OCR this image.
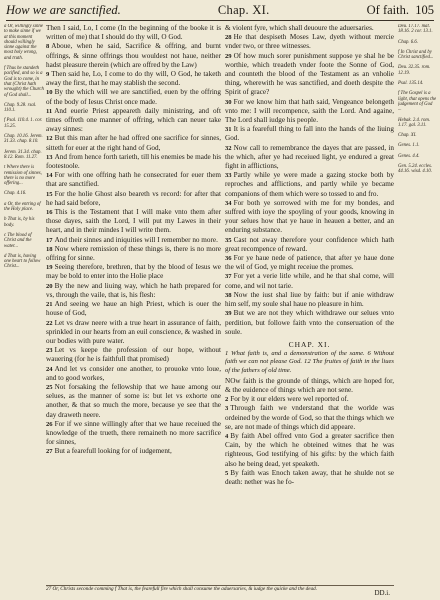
How we are sanctified.	Chap. XI.	Of faith. 105
a Or, willingly sinne to make sinne if we at this moment should willingly sinne against the most holy wrong, and truth.
f Thus he standeth pacified, and so is a God is to come, in that (Christ hath wrought) the Church of God shall...
Chap. 9.28. rsal. 110.1.
f Psal. 110.4. 1. cor. 15.25.
Chap. 10.16. Jerem. 31.33. chap. 8.10.
Jerem. 31.34. chap. 8.12. Rom. 11.27.
t Where there is remission of sinnes, there is no more offering...
Chap. 4.16.
a Or, the entring of the Holy place.
b That is, by his body.
c The blood of Christ and the water...
d That is, having one heart to follow Christ...

Then I said, Lo, I come (In the beginning of the booke it is written of me) that I should do thy will, O God.

8 Aboue, when he said, Sacrifice & offring, and burnt offrings, & sinne offrings thou wouldest not haue, neither hadst pleasure therein (which are offred by the Law)

9 Then said he, Lo, I come to do thy will, O God, he taketh away the first, that he may stablish the second.

10 By the which will we are sanctified, euen by the offring of the body of Iesus Christ once made.

11 And euerie Priest appeareth daily ministring, and oft times offreth one manner of offring, which can neuer take away sinnes:

12 But this man after he had offred one sacrifice for sinnes, sitteth for euer at the right hand of God,

13 And from hence forth tarieth, till his enemies be made his footestoole.

14 For with one offring hath he consecrated for euer them that are sanctified.

15 For the holie Ghost also beareth vs record: for after that he had said before,

16 This is the Testament that I will make vnto them after those dayes, saith the Lord, I will put my Lawes in their heart, and in their mindes I will write them.

17 And their sinnes and iniquities will I remember no more.

18 Now where remission of these things is, there is no more offring for sinne.

19 Seeing therefore, brethren, that by the blood of Iesus we may be bold to enter into the Holie place

20 By the new and liuing way, which he hath prepared for vs, through the vaile, that is, his flesh:

21 And seeing we haue an high Priest, which is ouer the house of God,

22 Let vs draw neere with a true heart in assurance of faith, sprinkled in our hearts from an euil conscience, & washed in our bodies with pure water.

23 Let vs keepe the profession of our hope, without wauering (for he is faithfull that promised)

24 And let vs consider one another, to prouoke vnto loue, and to good workes,

25 Not forsaking the fellowship that we haue among our selues, as the manner of some is: but let vs exhorte one another, & that so much the more, because ye see that the day draweth neere.

26 For if we sinne willingly after that we haue receiued the knowledge of the trueth, there remaineth no more sacrifice for sinnes,

27 But a fearefull looking for of iudgement,

& violent fyre, which shall deuoure the aduersaries.

28 He that despiseth Moses Law, dyeth without mercie vnder two, or three witnesses.

29 Of how much sorer punishment suppose ye shal he be worthie, which treadeth vnder foote the Sonne of God, and counteth the blood of the Testament as an vnholie thing, wherewith he was sanctified, and doeth despite the Spirit of grace?

30 For we know him that hath said, Vengeance belongeth vnto me: I will recompence, saith the Lord. And againe, The Lord shall iudge his people.

31 It is a fearefull thing to fall into the hands of the liuing God.

32 Now call to remembrance the dayes that are passed, in the which, after ye had receiued light, ye endured a great fight in afflictions,

33 Partly while ye were made a gazing stocke both by reproches and afflictions, and partly while ye became companions of them which were so tossed to and fro.

34 For both ye sorrowed with me for my bondes, and suffred with ioye the spoyling of your goods, knowing in your selues how that ye haue in heauen a better, and an enduring substance.

35 Cast not away therefore your confidence which hath great recompence of reward.

36 For ye haue nede of patience, that after ye haue done the wil of God, ye might receiue the promes.

37 For yet a verie litle while, and he that shal come, will come, and wil not tarie.

38 Now the iust shal liue by faith: but if anie withdraw him self, my soule shal haue no pleasure in him.

39 But we are not they which withdrawe our selues vnto perdition, but followe faith vnto the conseruation of the soule.

CHAP. XI.
1 What faith is, and a demonstration of the same. 6 Without faith we can not please God. 12 The fruites of faith in the liues of the fathers of old time.

NOw faith is the grounde of things, which are hoped for, & the euidence of things which are not sene.

2 For by it our elders were wel reported of.

3 Through faith we vnderstand that the worlde was ordeined by the worde of God, so that the things which we se, are not made of things which did appeare.

4 By faith Abel offred vnto God a greater sacrifice then Cain, by the which he obteined witnes that he was righteous, God testifying of his gifts: by the which faith also he being dead, yet speaketh.

5 By faith was Enoch taken away, that he shulde not se death: nether was he fo-

Deu. 17.17. mat. 18.16. 2 cor. 13.1.
Chap. 6.6.
f In Christ and by Christ sanctified...
Deu. 32.35. rom. 12.19.
Psal. 135.14.
f The Gospel is a light, that opens the judgement of God ...
Hebak. 2.4. rom. 1.17. gal. 3.11.
Chap. XI.
Genes. 1.1.
Genes. 4.4.
Gen. 5.24. eccles. 44.16. wisd. 4.10.
27 Or, Christs seconde comming f That is, the fearefull fire which shall consume the aduersaries, & iudge the quicke and the dead.	DD.i.
